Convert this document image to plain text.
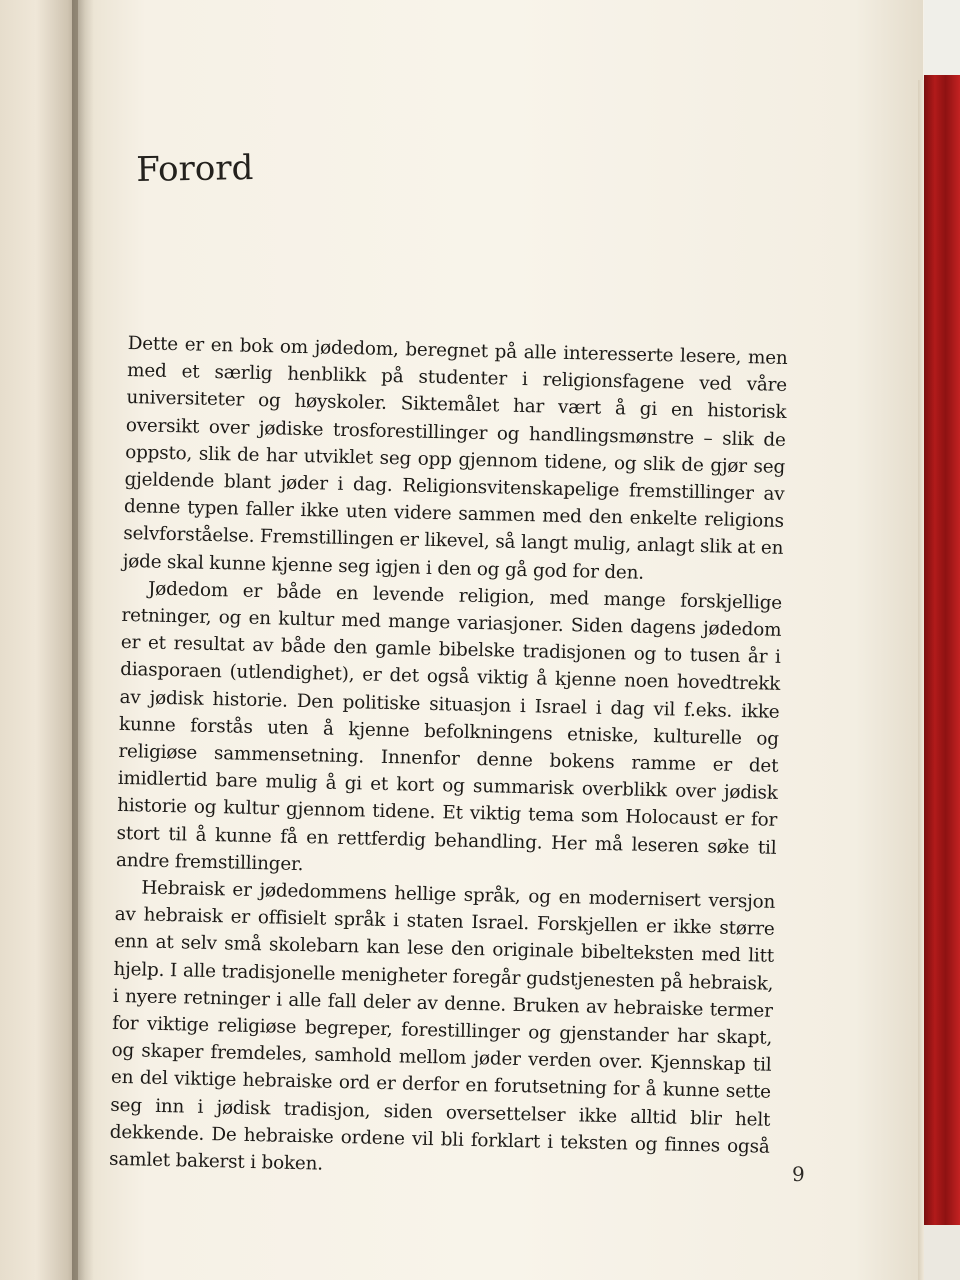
Forord

Dette er en bok om jødedom, beregnet på alle interesserte lesere, men med et særlig henblikk på studenter i religionsfagene ved våre universiteter og høyskoler. Siktemålet har vært å gi en historisk oversikt over jødiske trosforestillinger og handlingsmønstre – slik de oppsto, slik de har utviklet seg opp gjennom tidene, og slik de gjør seg gjeldende blant jøder i dag. Religionsvitenskapelige fremstillinger av denne typen faller ikke uten videre sammen med den enkelte religions selvforståelse. Fremstillingen er likevel, så langt mulig, anlagt slik at en jøde skal kunne kjenne seg igjen i den og gå god for den.

Jødedom er både en levende religion, med mange forskjellige retninger, og en kultur med mange variasjoner. Siden dagens jødedom er et resultat av både den gamle bibelske tradisjonen og to tusen år i diasporaen (utlendighet), er det også viktig å kjenne noen hovedtrekk av jødisk historie. Den politiske situasjon i Israel i dag vil f.eks. ikke kunne forstås uten å kjenne befolkningens etniske, kulturelle og religiøse sammensetning. Innenfor denne bokens ramme er det imidlertid bare mulig å gi et kort og summarisk overblikk over jødisk historie og kultur gjennom tidene. Et viktig tema som Holocaust er for stort til å kunne få en rettferdig behandling. Her må leseren søke til andre fremstillinger.

Hebraisk er jødedommens hellige språk, og en modernisert versjon av hebraisk er offisielt språk i staten Israel. Forskjellen er ikke større enn at selv små skolebarn kan lese den originale bibelteksten med litt hjelp. I alle tradisjonelle menigheter foregår gudstjenesten på hebraisk, i nyere retninger i alle fall deler av denne. Bruken av hebraiske termer for viktige religiøse begreper, forestillinger og gjenstander har skapt, og skaper fremdeles, samhold mellom jøder verden over. Kjennskap til en del viktige hebraiske ord er derfor en forutsetning for å kunne sette seg inn i jødisk tradisjon, siden oversettelser ikke alltid blir helt dekkende. De hebraiske ordene vil bli forklart i teksten og finnes også samlet bakerst i boken.	9
